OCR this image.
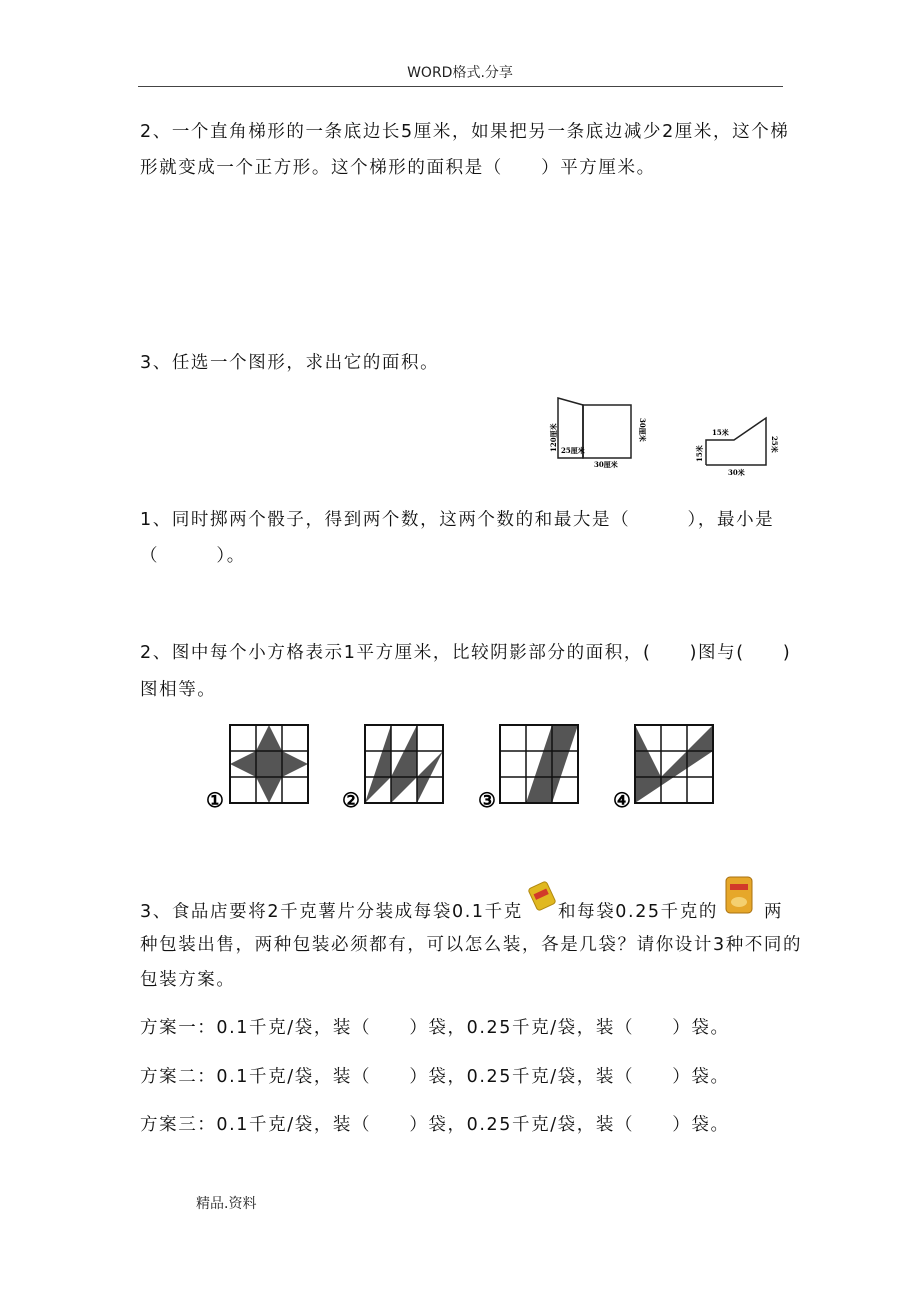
WORD格式.分享
2、一个直角梯形的一条底边长5厘米，如果把另一条底边减少2厘米，这个梯
形就变成一个正方形。这个梯形的面积是（　　）平方厘米。
3、任选一个图形，求出它的面积。
120厘米 25厘米
30厘米
30厘米	15米
15米
25米
30米
1、同时掷两个骰子，得到两个数，这两个数的和最大是（　　　），最小是
（　　　）。
2、图中每个小方格表示1平方厘米，比较阴影部分的面积，(　　)图与(　　)
图相等。
①	②	③	④
3、食品店要将2千克薯片分装成每袋0.1千克 和每袋0.25千克的	两
种包装出售，两种包装必须都有，可以怎么装，各是几袋？请你设计3种不同的
包装方案。
方案一：0.1千克/袋，装（　　）袋，0.25千克/袋，装（　　）袋。
方案二：0.1千克/袋，装（　　）袋，0.25千克/袋，装（　　）袋。
方案三：0.1千克/袋，装（　　）袋，0.25千克/袋，装（　　）袋。
精品.资料
